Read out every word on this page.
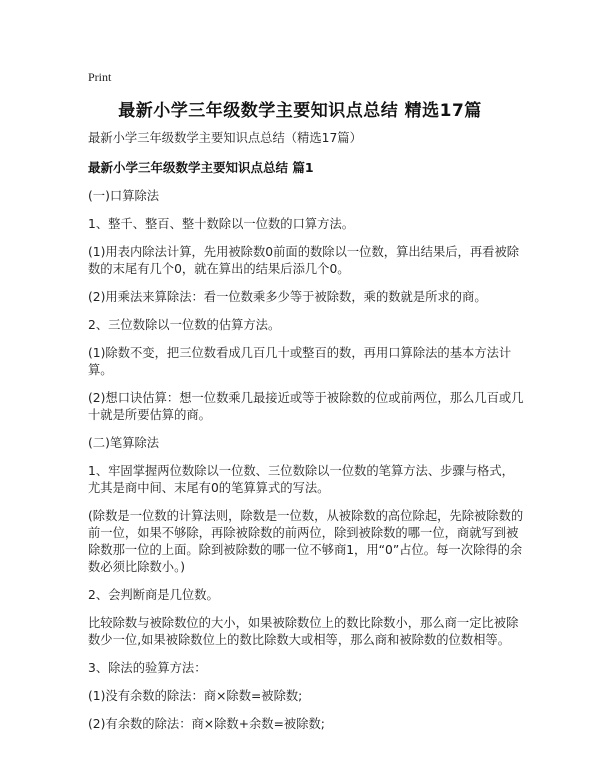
Print
最新小学三年级数学主要知识点总结 精选17篇

最新小学三年级数学主要知识点总结（精选17篇）

最新小学三年级数学主要知识点总结 篇1

(一)口算除法

1、整千、整百、整十数除以一位数的口算方法。

(1)用表内除法计算，先用被除数0前面的数除以一位数，算出结果后，再看被除数的末尾有几个0，就在算出的结果后添几个0。

(2)用乘法来算除法：看一位数乘多少等于被除数，乘的数就是所求的商。

2、三位数除以一位数的估算方法。

(1)除数不变，把三位数看成几百几十或整百的数，再用口算除法的基本方法计算。

(2)想口诀估算：想一位数乘几最接近或等于被除数的位或前两位，那么几百或几十就是所要估算的商。

(二)笔算除法

1、牢固掌握两位数除以一位数、三位数除以一位数的笔算方法、步骤与格式，尤其是商中间、末尾有0的笔算算式的写法。

(除数是一位数的计算法则，除数是一位数，从被除数的高位除起，先除被除数的前一位，如果不够除，再除被除数的前两位，除到被除数的哪一位，商就写到被除数那一位的上面。除到被除数的哪一位不够商1，用“0”占位。每一次除得的余数必须比除数小。)

2、会判断商是几位数。

比较除数与被除数位的大小，如果被除数位上的数比除数小，那么商一定比被除数少一位,如果被除数位上的数比除数大或相等，那么商和被除数的位数相等。

3、除法的验算方法：

(1)没有余数的除法：商×除数=被除数;

(2)有余数的除法：商×除数+余数=被除数;
